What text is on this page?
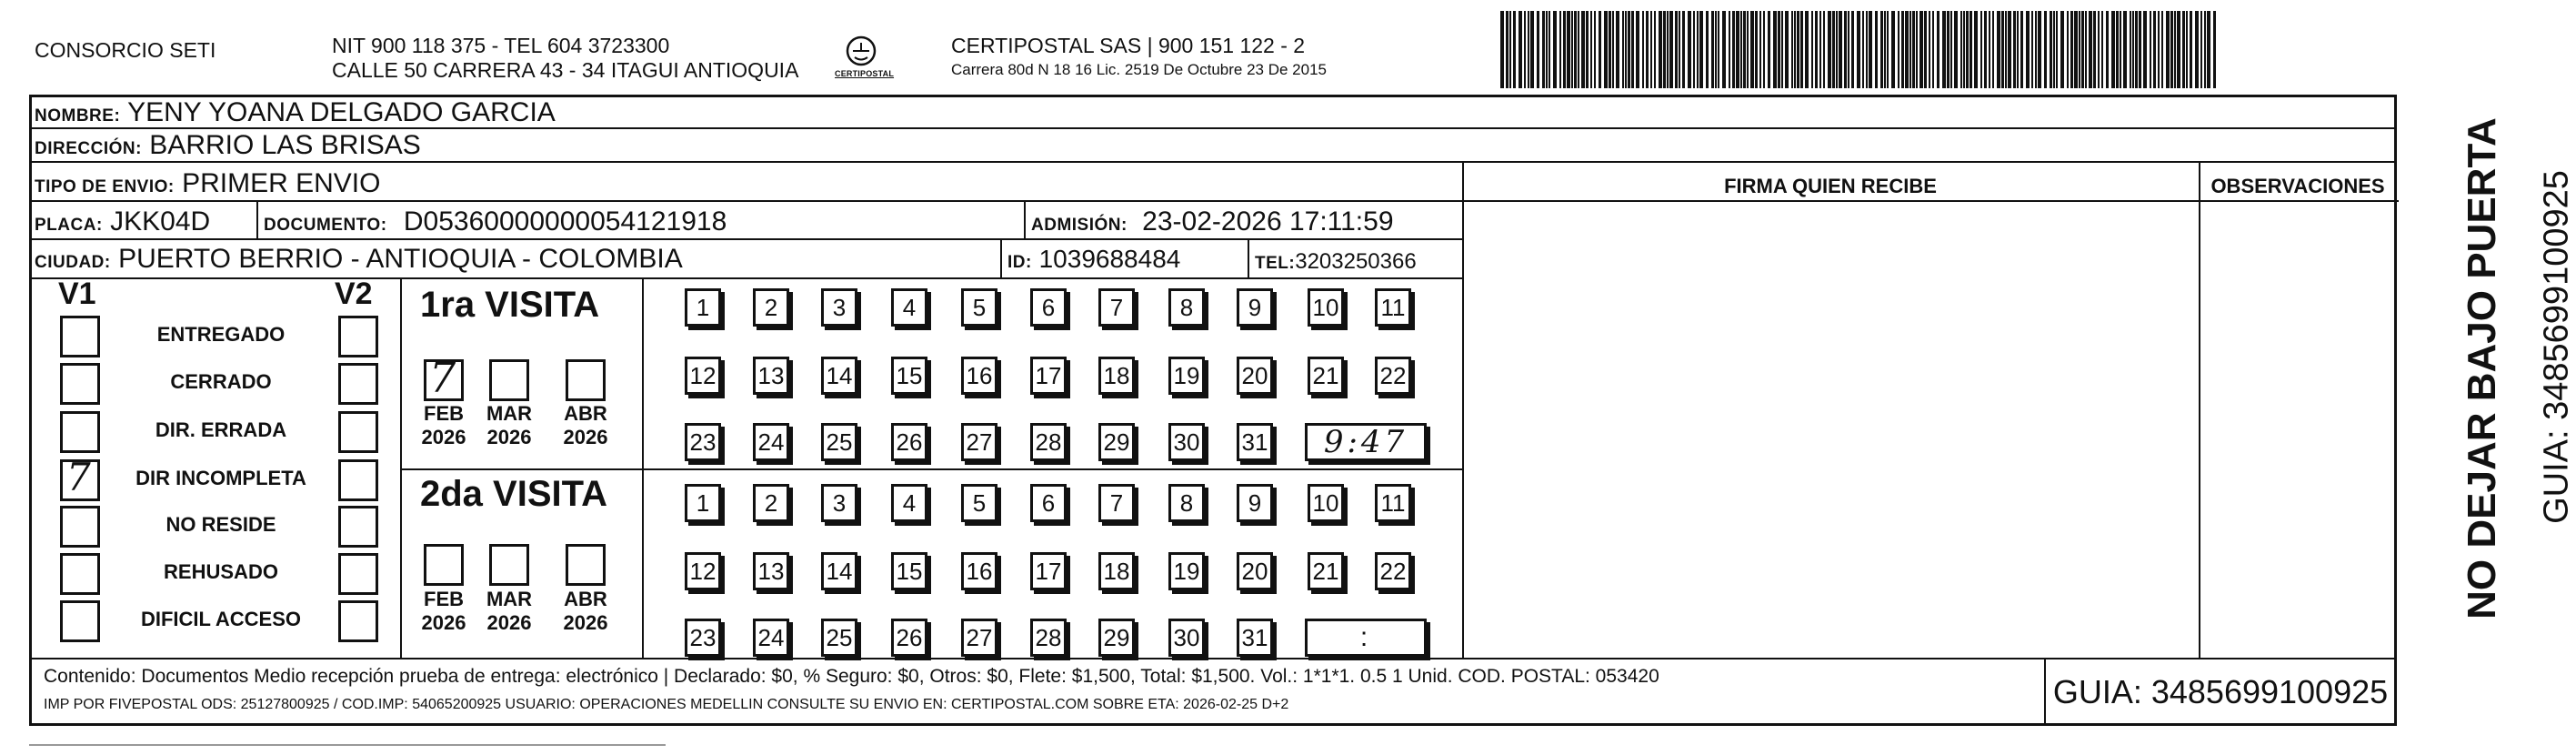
CONSORCIO SETI	NIT 900 118 375 - TEL 604 3723300
CALLE 50 CARRERA 43 - 34 ITAGUI ANTIOQUIA	CERTIPOSTAL
CERTIPOSTAL SAS | 900 151 122 - 2
Carrera 80d N 18 16 Lic. 2519 De Octubre 23 De 2015
NOMBRE: YENY YOANA DELGADO GARCIA
DIRECCIÓN: BARRIO LAS BRISAS
TIPO DE ENVIO: PRIMER ENVIO
PLACA: JKK04D	DOCUMENTO: D05360000000054121918	ADMISIÓN: 23-02-2026 17:11:59
CIUDAD: PUERTO BERRIO - ANTIOQUIA - COLOMBIA	ID: 1039688484	TEL:3203250366
FIRMA QUIEN RECIBE	OBSERVACIONES
V1	V2
ENTREGADO
CERRADO
DIR. ERRADA
7	DIR INCOMPLETA
NO RESIDE
REHUSADO
DIFICIL ACCESO
1ra VISITA
2da VISITA
7
FEB
2026
MAR
2026
ABR
2026
FEB
2026
MAR
2026
ABR
2026
1	2	3	4	5	6	7	8	9	10 11
12 13 14 15 16 17 18 19 20 21 22
23 24 25 26 27 28 29 30 31	9:47
1	2	3	4	5	6	7	8	9	10 11
12 13 14 15 16 17 18 19 20 21 22
23 24 25 26 27 28 29 30 31	:
Contenido: Documentos Medio recepción prueba de entrega: electrónico | Declarado: $0, % Seguro: $0, Otros: $0, Flete: $1,500, Total: $1,500. Vol.: 1*1*1. 0.5 1 Unid. COD. POSTAL: 053420
IMP POR FIVEPOSTAL ODS: 25127800925 / COD.IMP: 54065200925 USUARIO: OPERACIONES MEDELLIN CONSULTE SU ENVIO EN: CERTIPOSTAL.COM SOBRE ETA: 2026-02-25 D+2	GUIA: 3485699100925
NO DEJAR BAJO PUERTA GUIA: 3485699100925
